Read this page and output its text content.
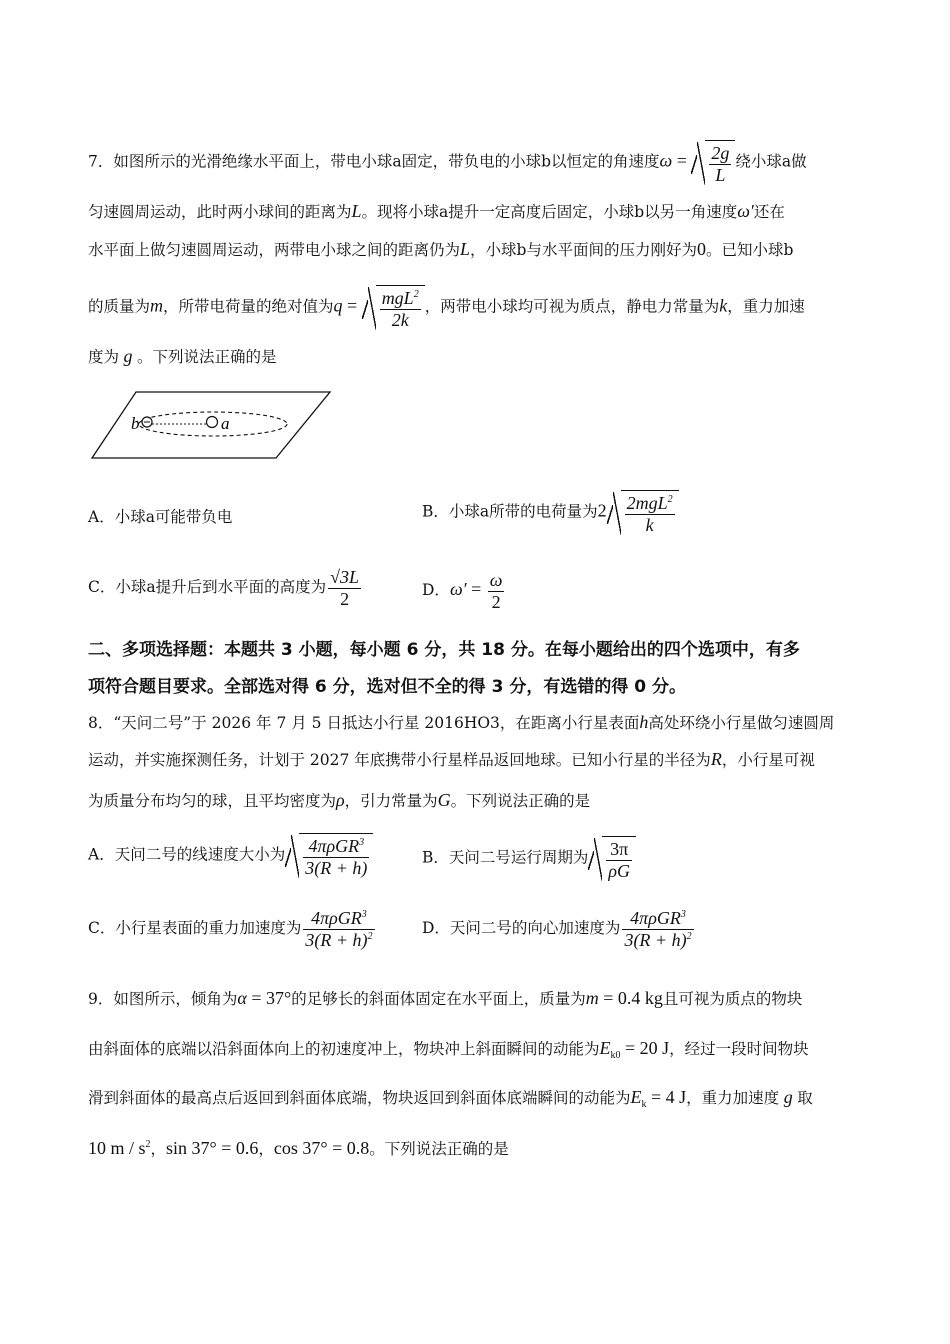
7．如图所示的光滑绝缘水平面上，带电小球a固定，带负电的小球b以恒定的角速度$\omega = \frac{2g}{L}$ 绕小球a做
匀速圆周运动，此时两小球间的距离为L。现将小球a提升一定高度后固定，小球b以另一角速度ω′还在
水平面上做匀速圆周运动，两带电小球之间的距离仍为L，小球b与水平面间的压力刚好为0。已知小球b
的质量为m，所带电荷量的绝对值为$q = \frac{mgL^2}{2k}$ ，两带电小球均可视为质点，静电力常量为k，重力加速
度为 g 。下列说法正确的是
b	a
A．小球a可能带负电	B．小球a所带的电荷量为$2 \frac{2mgL^2}{k}$
C．小球a提升后到水平面的高度为 $\frac{√3L}{2}$	D．$\omega' = \frac{\omega}{2}$
二、多项选择题：本题共 3 小题，每小题 6 分，共 18 分。在每小题给出的四个选项中，有多
项符合题目要求。全部选对得 6 分，选对但不全的得 3 分，有选错的得 0 分。
8．“天问二号”于 2026 年 7 月 5 日抵达小行星 2016HO3，在距离小行星表面h高处环绕小行星做匀速圆周
运动，并实施探测任务，计划于 2027 年底携带小行星样品返回地球。已知小行星的半径为R，小行星可视
为质量分布均匀的球，且平均密度为ρ，引力常量为G。下列说法正确的是
A．天问二号的线速度大小为 $\frac{4\pi\rho GR^3}{3(R + h)}$	B．天问二号运行周期为 $\frac{3\pi}{\rho G}$
C．小行星表面的重力加速度为 $\frac{4\pi\rho GR^3}{3(R + h)^2}$	D．天问二号的向心加速度为 $\frac{4\pi\rho GR^3}{3(R + h)^2}$
9．如图所示，倾角为α = 37°的足够长的斜面体固定在水平面上，质量为m = 0.4 kg且可视为质点的物块
由斜面体的底端以沿斜面体向上的初速度冲上，物块冲上斜面瞬间的动能为$E_{k0} = 20$ J，经过一段时间物块
滑到斜面体的最高点后返回到斜面体底端，物块返回到斜面体底端瞬间的动能为$E_k = 4$ J，重力加速度 g 取
10 m / $s^2$，sin 37° = 0.6，cos 37° = 0.8。下列说法正确的是
